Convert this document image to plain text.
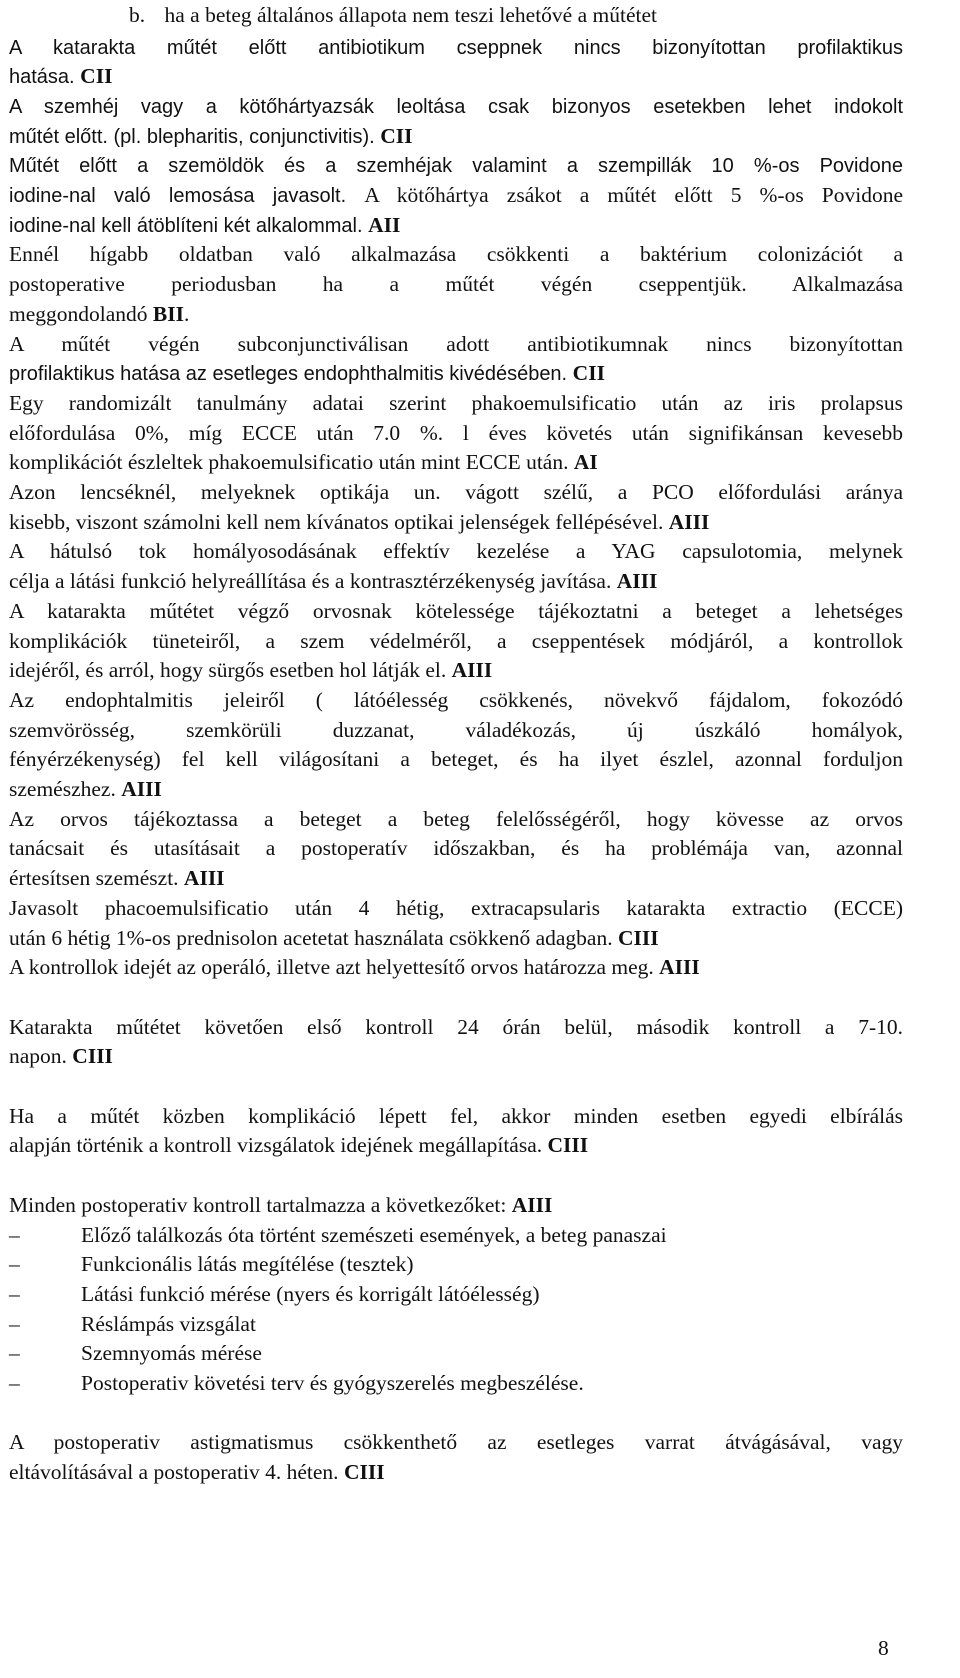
b. ha a beteg általános állapota nem teszi lehetővé a műtétet
A katarakta műtét előtt antibiotikum cseppnek nincs bizonyítottan profilaktikus
hatása. CII
A szemhéj vagy a kötőhártyazsák leoltása csak bizonyos esetekben lehet indokolt
műtét előtt. (pl. blepharitis, conjunctivitis). CII
Műtét előtt a szemöldök és a szemhéjak valamint a szempillák 10 %-os Povidone
iodine-nal való lemosása javasolt. A kötőhártya zsákot a műtét előtt 5 %-os Povidone
iodine-nal kell átöblíteni két alkalommal. AII
Ennél hígabb oldatban való alkalmazása csökkenti a baktérium colonizációt a
postoperative periodusban ha a műtét végén cseppentjük. Alkalmazása
meggondolandó BII.
A műtét végén subconjunctiválisan adott antibiotikumnak nincs bizonyítottan
profilaktikus hatása az esetleges endophthalmitis kivédésében. CII
Egy randomizált tanulmány adatai szerint phakoemulsificatio után az iris prolapsus
előfordulása 0%, míg ECCE után 7.0 %. l éves követés után signifikánsan kevesebb
komplikációt észleltek phakoemulsificatio után mint ECCE után. AI
Azon lencséknél, melyeknek optikája un. vágott szélű, a PCO előfordulási aránya
kisebb, viszont számolni kell nem kívánatos optikai jelenségek fellépésével. AIII
A hátulsó tok homályosodásának effektív kezelése a YAG capsulotomia, melynek
célja a látási funkció helyreállítása és a kontrasztérzékenység javítása. AIII
A katarakta műtétet végző orvosnak kötelessége tájékoztatni a beteget a lehetséges
komplikációk tüneteiről, a szem védelméről, a cseppentések módjáról, a kontrollok
idejéről, és arról, hogy sürgős esetben hol látják el. AIII
Az endophtalmitis jeleiről ( látóélesség csökkenés, növekvő fájdalom, fokozódó
szemvörösség, szemkörüli duzzanat, váladékozás, új úszkáló homályok,
fényérzékenység) fel kell világosítani a beteget, és ha ilyet észlel, azonnal forduljon
szemészhez. AIII
Az orvos tájékoztassa a beteget a beteg felelősségéről, hogy kövesse az orvos
tanácsait és utasításait a postoperatív időszakban, és ha problémája van, azonnal
értesítsen szemészt. AIII
Javasolt phacoemulsificatio után 4 hétig, extracapsularis katarakta extractio (ECCE)
után 6 hétig 1%-os prednisolon acetetat használata csökkenő adagban. CIII
A kontrollok idejét az operáló, illetve azt helyettesítő orvos határozza meg. AIII
Katarakta műtétet követően első kontroll 24 órán belül, második kontroll a 7-10.
napon. CIII
Ha a műtét közben komplikáció lépett fel, akkor minden esetben egyedi elbírálás
alapján történik a kontroll vizsgálatok idejének megállapítása. CIII
Minden postoperativ kontroll tartalmazza a következőket: AIII
–	Előző találkozás óta történt szemészeti események, a beteg panaszai
–	Funkcionális látás megítélése (tesztek)
–	Látási funkció mérése (nyers és korrigált látóélesség)
–	Réslámpás vizsgálat
–	Szemnyomás mérése
–	Postoperativ követési terv és gyógyszerelés megbeszélése.
A postoperativ astigmatismus csökkenthető az esetleges varrat átvágásával, vagy
eltávolításával a postoperativ 4. héten. CIII
8
